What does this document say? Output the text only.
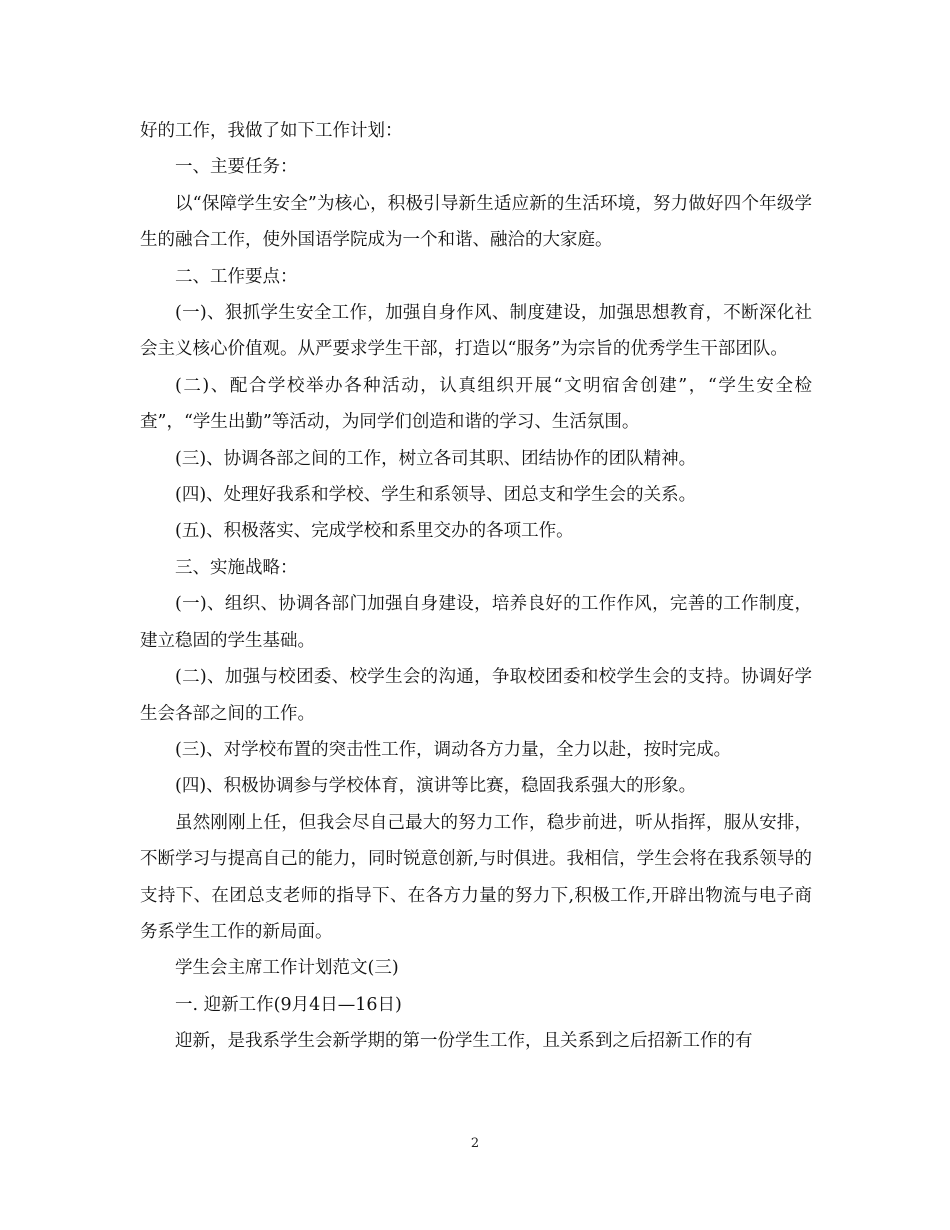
好的工作，我做了如下工作计划：

一、主要任务：

以“保障学生安全”为核心，积极引导新生适应新的生活环境，努力做好四个年级学生的融合工作，使外国语学院成为一个和谐、融洽的大家庭。

二、工作要点：

(一)、狠抓学生安全工作，加强自身作风、制度建设，加强思想教育，不断深化社会主义核心价值观。从严要求学生干部，打造以“服务”为宗旨的优秀学生干部团队。

(二)、配合学校举办各种活动，认真组织开展“文明宿舍创建”，“学生安全检查”，“学生出勤”等活动，为同学们创造和谐的学习、生活氛围。

(三)、协调各部之间的工作，树立各司其职、团结协作的团队精神。

(四)、处理好我系和学校、学生和系领导、团总支和学生会的关系。

(五)、积极落实、完成学校和系里交办的各项工作。

三、实施战略：

(一)、组织、协调各部门加强自身建设，培养良好的工作作风，完善的工作制度，建立稳固的学生基础。

(二)、加强与校团委、校学生会的沟通，争取校团委和校学生会的支持。协调好学生会各部之间的工作。

(三)、对学校布置的突击性工作，调动各方力量，全力以赴，按时完成。

(四)、积极协调参与学校体育，演讲等比赛，稳固我系强大的形象。

虽然刚刚上任，但我会尽自己最大的努力工作，稳步前进，听从指挥，服从安排，不断学习与提高自己的能力，同时锐意创新,与时俱进。我相信，学生会将在我系领导的支持下、在团总支老师的指导下、在各方力量的努力下,积极工作,开辟出物流与电子商务系学生工作的新局面。

学生会主席工作计划范文(三)

一. 迎新工作(9月4日—16日)

迎新，是我系学生会新学期的第一份学生工作，且关系到之后招新工作的有

2
